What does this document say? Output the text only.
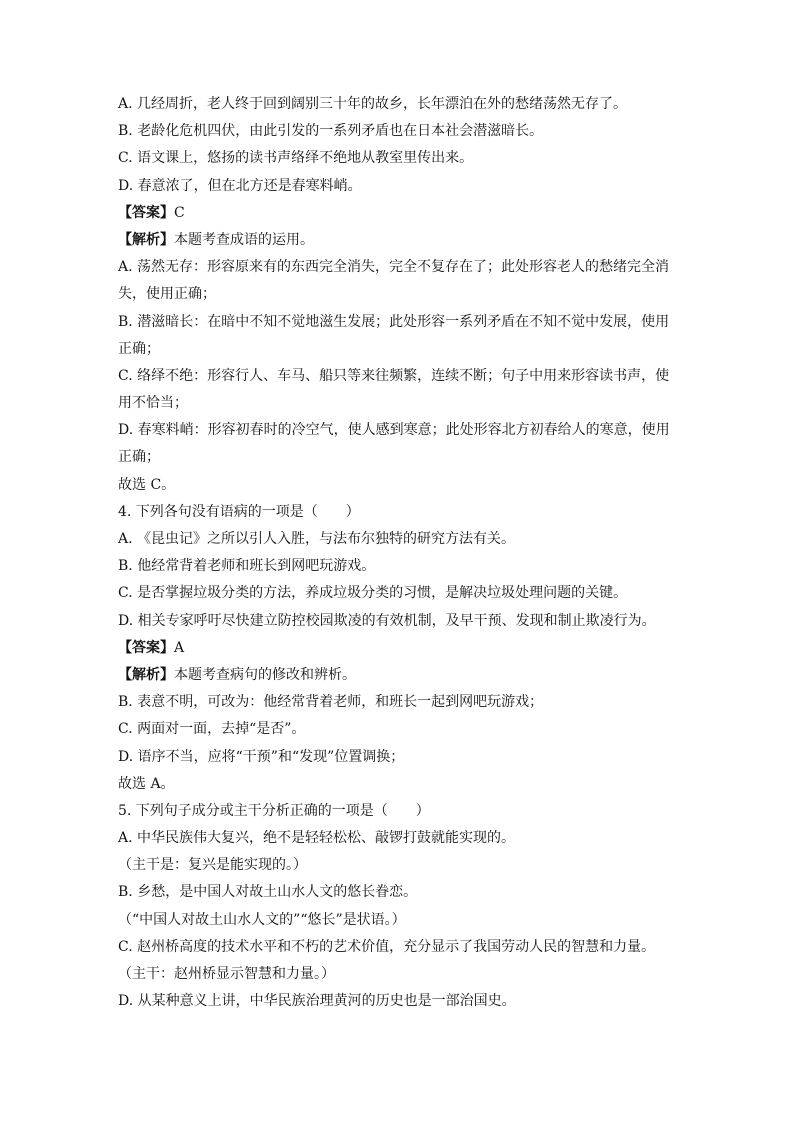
A. 几经周折，老人终于回到阔别三十年的故乡，长年漂泊在外的愁绪荡然无存了。
B. 老龄化危机四伏，由此引发的一系列矛盾也在日本社会潜滋暗长。
C. 语文课上，悠扬的读书声络绎不绝地从教室里传出来。
D. 春意浓了，但在北方还是春寒料峭。
【答案】C
【解析】本题考查成语的运用。
A. 荡然无存：形容原来有的东西完全消失，完全不复存在了；此处形容老人的愁绪完全消
失，使用正确；
B. 潜滋暗长：在暗中不知不觉地滋生发展；此处形容一系列矛盾在不知不觉中发展，使用
正确；
C. 络绎不绝：形容行人、车马、船只等来往频繁，连续不断；句子中用来形容读书声，使
用不恰当；
D. 春寒料峭：形容初春时的冷空气，使人感到寒意；此处形容北方初春给人的寒意，使用
正确；
故选 C。
4. 下列各句没有语病的一项是（　　）
A. 《昆虫记》之所以引人入胜，与法布尔独特的研究方法有关。
B. 他经常背着老师和班长到网吧玩游戏。
C. 是否掌握垃圾分类的方法，养成垃圾分类的习惯，是解决垃圾处理问题的关键。
D. 相关专家呼吁尽快建立防控校园欺凌的有效机制，及早干预、发现和制止欺凌行为。
【答案】A
【解析】本题考查病句的修改和辨析。
B. 表意不明，可改为：他经常背着老师，和班长一起到网吧玩游戏；
C. 两面对一面，去掉“是否”。
D. 语序不当，应将“干预”和“发现”位置调换；
故选 A。
5. 下列句子成分或主干分析正确的一项是（　　）
A. 中华民族伟大复兴，绝不是轻轻松松、敲锣打鼓就能实现的。
（主干是：复兴是能实现的。）
B. 乡愁，是中国人对故土山水人文的悠长眷恋。
（“中国人对故土山水人文的”“悠长”是状语。）
C. 赵州桥高度的技术水平和不朽的艺术价值，充分显示了我国劳动人民的智慧和力量。
（主干：赵州桥显示智慧和力量。）
D. 从某种意义上讲，中华民族治理黄河的历史也是一部治国史。
